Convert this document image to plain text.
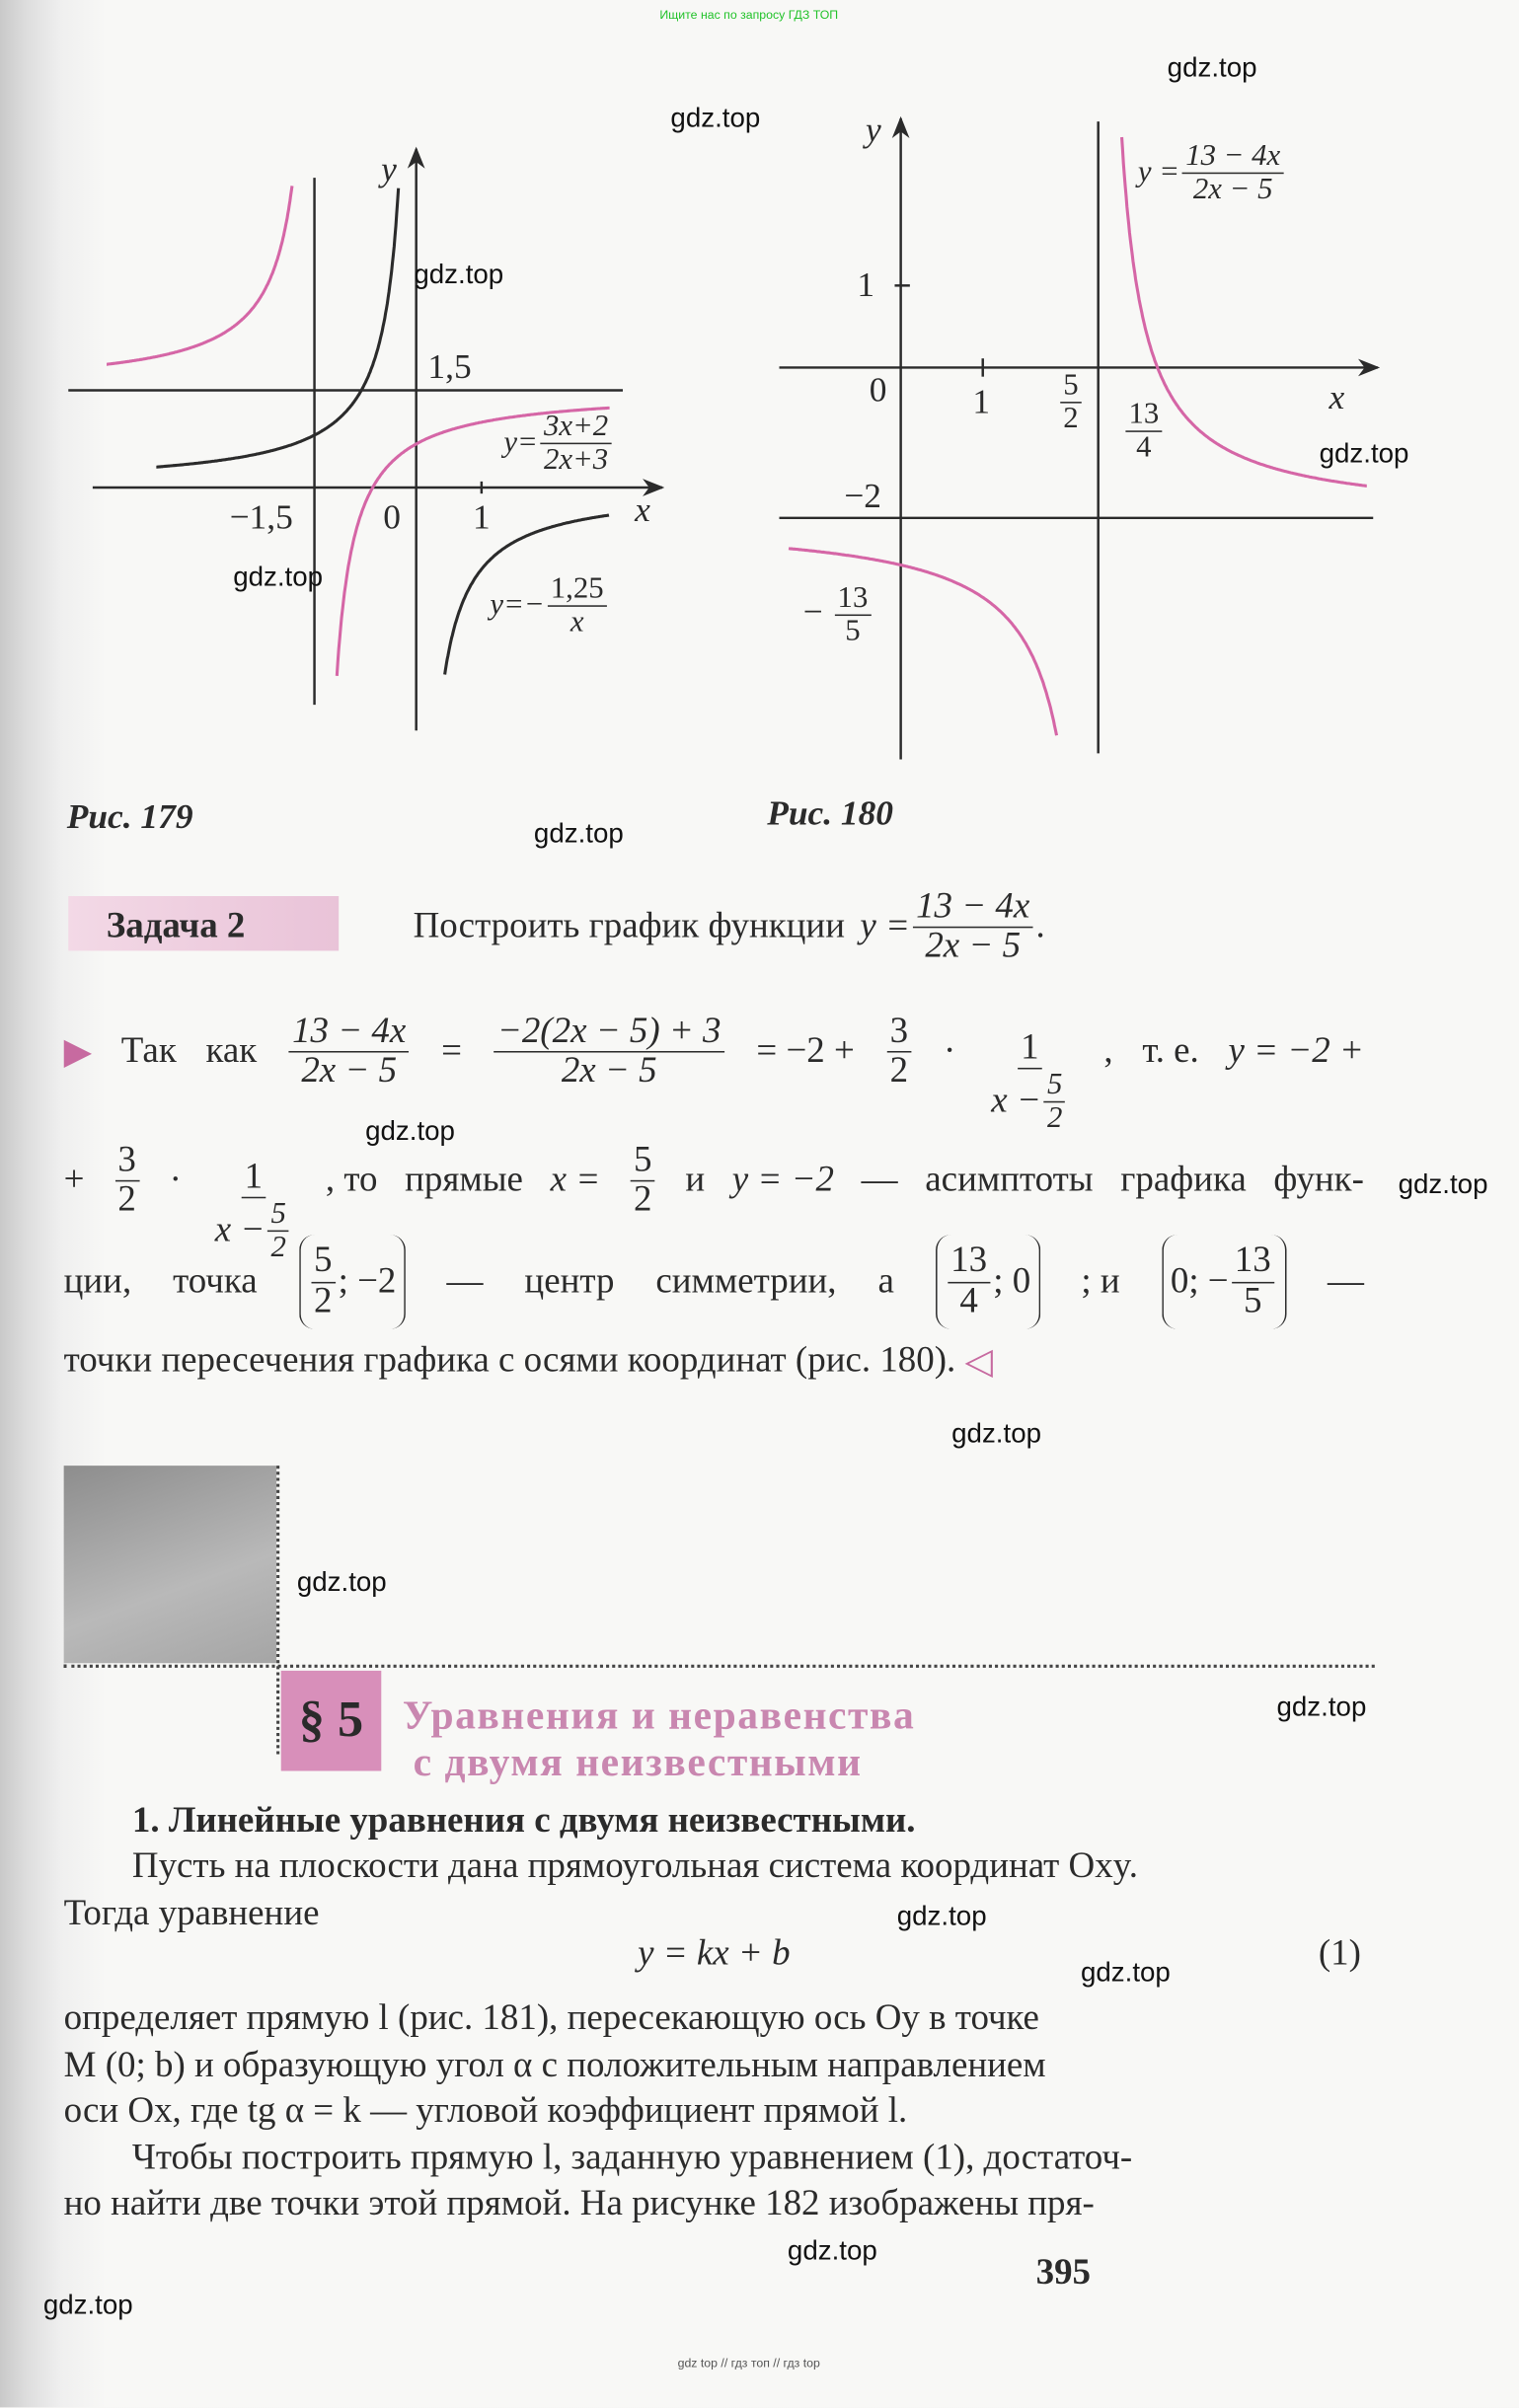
Ищите нас по запросу ГДЗ ТОП
y
x
−1,5	0	1
1,5
$y= \frac{3x+2}{2x+3}$
$y=- \frac{1,25}{x}$
Рис. 179
y
x
1
0	1	$\frac{5}{2} \frac{13}{4}$
−2
− $\frac{13}{5}$
$y = \frac{13 - 4x}{2x - 5}$
Рис. 180
Задача 2	Построить график функции $y = \frac{13 - 4x}{2x - 5}$ .
▶ Так как $\frac{13 - 4x}{2x - 5} = \frac{-2(2x - 5) + 3}{2x - 5} = -2 + \frac{3}{2} \cdot \frac{1}{x - \frac{5}{2}}$ , т. е. y = −2 +
+ $\frac{3}{2} \cdot \frac{1}{x - \frac{5}{2}}$ , то прямые $x = \frac{5}{2}$ и y = −2 — асимптоты графика функ-
ции, точка $\frac{5}{2}$ ; −2 — центр симметрии, а $\frac{13}{4}$ ; 0 ; и 0; − $\frac{13}{5}$ —
точки пересечения графика с осями координат (рис. 180). ◁
§ 5	Уравнения и неравенства
с двумя неизвестными
1. Линейные уравнения с двумя неизвестными.
Пусть на плоскости дана прямоугольная система координат Oxy.
Тогда уравнение
y = kx + b	(1)
определяет прямую l (рис. 181), пересекающую ось Oy в точке
M (0; b) и образующую угол α с положительным направлением
оси Ox, где tg α = k — угловой коэффициент прямой l.
Чтобы построить прямую l, заданную уравнением (1), достаточ-
но найти две точки этой прямой. На рисунке 182 изображены пря-
395
gdz.top
gdz.top
gdz.top
gdz.top
gdz.top
gdz.top
gdz.top
gdz.top
gdz.top
gdz.top
gdz.top
gdz.top
gdz.top
gdz.top
gdz.top
gdz top // гдз топ // гдз top
